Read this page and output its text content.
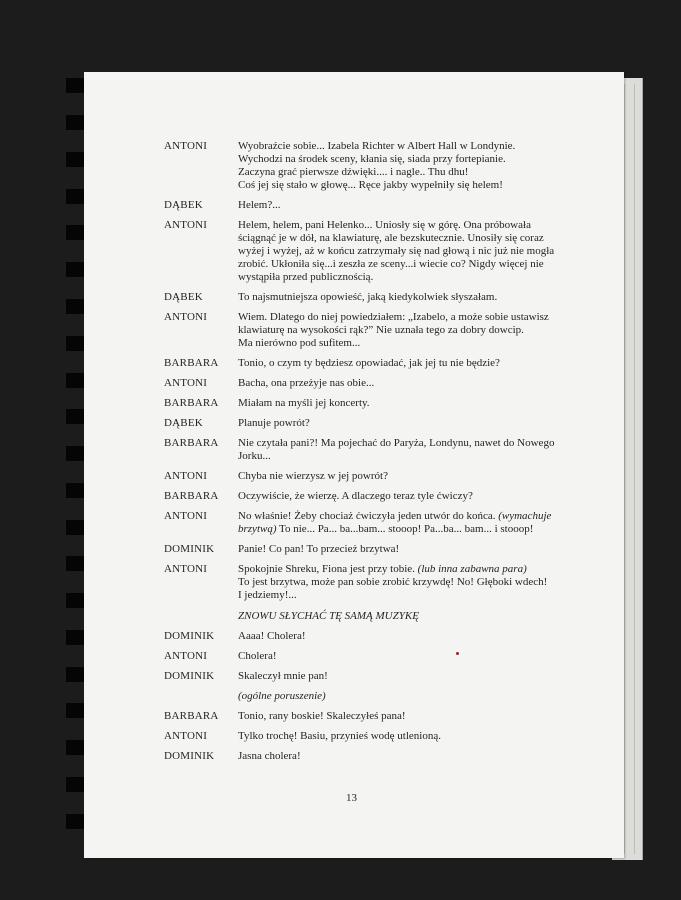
ANTONI	Wyobraźcie sobie... Izabela Richter w Albert Hall w Londynie.
Wychodzi na środek sceny, kłania się, siada przy fortepianie.
Zaczyna grać pierwsze dźwięki.... i nagle.. Thu dhu!
Coś jej się stało w głowę... Ręce jakby wypełniły się helem!
DĄBEK	Helem?...
ANTONI	Helem, helem, pani Helenko... Uniosły się w górę. Ona próbowała
ściągnąć je w dół, na klawiaturę, ale bezskutecznie. Unosiły się coraz
wyżej i wyżej, aż w końcu zatrzymały się nad głową i nic już nie mogła
zrobić. Ukłoniła się...i zeszła ze sceny...i wiecie co? Nigdy więcej nie
wystąpiła przed publicznością.
DĄBEK	To najsmutniejsza opowieść, jaką kiedykolwiek słyszałam.
ANTONI	Wiem. Dlatego do niej powiedziałem: „Izabelo, a może sobie ustawisz
klawiaturę na wysokości rąk?” Nie uznała tego za dobry dowcip.
Ma nierówno pod sufitem...
BARBARA	Tonio, o czym ty będziesz opowiadać, jak jej tu nie będzie?
ANTONI	Bacha, ona przeżyje nas obie...
BARBARA	Miałam na myśli jej koncerty.
DĄBEK	Planuje powrót?
BARBARA	Nie czytała pani?! Ma pojechać do Paryża, Londynu, nawet do Nowego
Jorku...
ANTONI	Chyba nie wierzysz w jej powrót?
BARBARA	Oczywiście, że wierzę. A dlaczego teraz tyle ćwiczy?
ANTONI	No właśnie! Żeby chociaż ćwiczyła jeden utwór do końca. (wymachuje
brzytwą) To nie... Pa... ba...bam... stooop! Pa...ba... bam... i stooop!
DOMINIK	Panie! Co pan! To przecież brzytwa!
ANTONI	Spokojnie Shreku, Fiona jest przy tobie. (lub inna zabawna para)
To jest brzytwa, może pan sobie zrobić krzywdę! No! Głęboki wdech!
I jedziemy!...
ZNOWU SŁYCHAĆ TĘ SAMĄ MUZYKĘ
DOMINIK	Aaaa! Cholera!
ANTONI	Cholera!
DOMINIK	Skaleczył mnie pan!
(ogólne poruszenie)
BARBARA	Tonio, rany boskie! Skaleczyłeś pana!
ANTONI	Tylko trochę! Basiu, przynieś wodę utlenioną.
DOMINIK	Jasna cholera!
13
